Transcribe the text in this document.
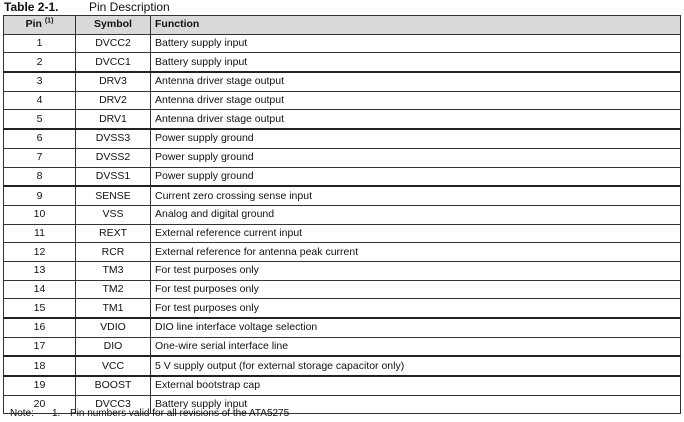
Table 2-1.	Pin Description
Pin $^{(1)}$	Symbol	Function
1	DVCC2	Battery supply input
2	DVCC1	Battery supply input
3	DRV3	Antenna driver stage output
4	DRV2	Antenna driver stage output
5	DRV1	Antenna driver stage output
6	DVSS3	Power supply ground
7	DVSS2	Power supply ground
8	DVSS1	Power supply ground
9	SENSE	Current zero crossing sense input
10	VSS	Analog and digital ground
11	REXT	External reference current input
12	RCR	External reference for antenna peak current
13	TM3	For test purposes only
14	TM2	For test purposes only
15	TM1	For test purposes only
16	VDIO	DIO line interface voltage selection
17	DIO	One-wire serial interface line
18	VCC	5 V supply output (for external storage capacitor only)
19	BOOST	External bootstrap cap
20	DVCC3	Battery supply input
Note: 1. Pin numbers valid for all revisions of the ATA5275
